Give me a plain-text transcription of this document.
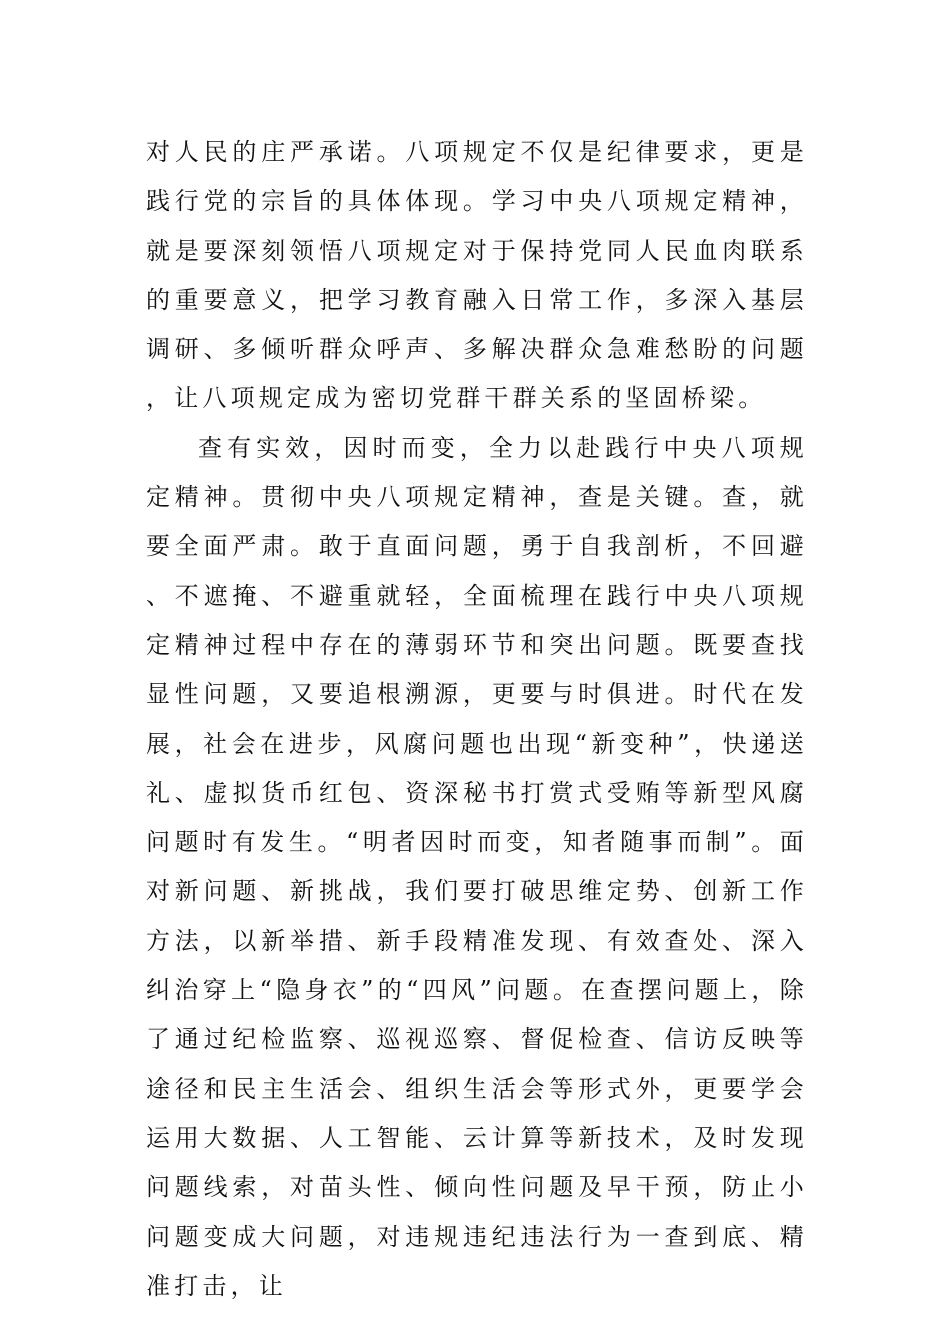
对人民的庄严承诺。八项规定不仅是纪律要求，更是践行党的宗旨的具体体现。学习中央八项规定精神，就是要深刻领悟八项规定对于保持党同人民血肉联系的重要意义，把学习教育融入日常工作，多深入基层调研、多倾听群众呼声、多解决群众急难愁盼的问题，让八项规定成为密切党群干群关系的坚固桥梁。

查有实效，因时而变，全力以赴践行中央八项规定精神。贯彻中央八项规定精神，查是关键。查，就要全面严肃。敢于直面问题，勇于自我剖析，不回避、不遮掩、不避重就轻，全面梳理在践行中央八项规定精神过程中存在的薄弱环节和突出问题。既要查找显性问题，又要追根溯源，更要与时俱进。时代在发展，社会在进步，风腐问题也出现“新变种”，快递送礼、虚拟货币红包、资深秘书打赏式受贿等新型风腐问题时有发生。“明者因时而变，知者随事而制”。面对新问题、新挑战，我们要打破思维定势、创新工作方法，以新举措、新手段精准发现、有效查处、深入纠治穿上“隐身衣”的“四风”问题。在查摆问题上，除了通过纪检监察、巡视巡察、督促检查、信访反映等途径和民主生活会、组织生活会等形式外，更要学会运用大数据、人工智能、云计算等新技术，及时发现问题线索，对苗头性、倾向性问题及早干预，防止小问题变成大问题，对违规违纪违法行为一查到底、精准打击，让
